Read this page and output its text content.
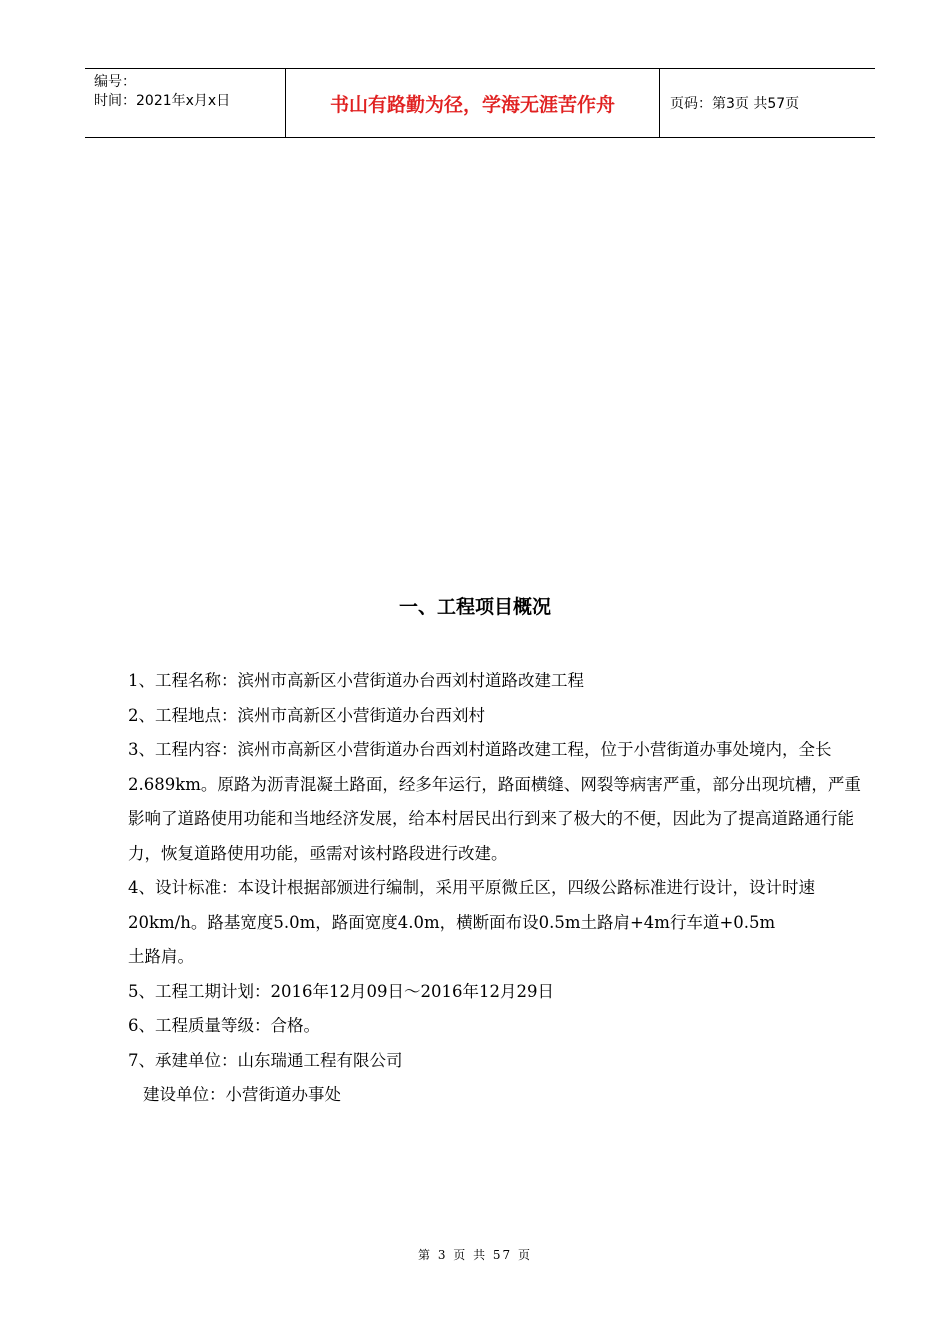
编号：
时间：2021年x月x日	书山有路勤为径，学海无涯苦作舟	页码：第3页 共57页
一、工程项目概况

1、工程名称：滨州市高新区小营街道办台西刘村道路改建工程

2、工程地点：滨州市高新区小营街道办台西刘村

3、工程内容：滨州市高新区小营街道办台西刘村道路改建工程，位于小营街道办事处境内，全长2.689km。原路为沥青混凝土路面，经多年运行，路面横缝、网裂等病害严重，部分出现坑槽，严重影响了道路使用功能和当地经济发展，给本村居民出行到来了极大的不便，因此为了提高道路通行能力，恢复道路使用功能，亟需对该村路段进行改建。

4、设计标准：本设计根据部颁进行编制，采用平原微丘区，四级公路标准进行设计，设计时速20km/h。路基宽度5.0m，路面宽度4.0m，横断面布设0.5m土路肩+4m行车道+0.5m

土路肩。

5、工程工期计划：2016年12月09日～2016年12月29日

6、工程质量等级：合格。

7、承建单位：山东瑞通工程有限公司

建设单位：小营街道办事处

第 3 页 共 57 页
